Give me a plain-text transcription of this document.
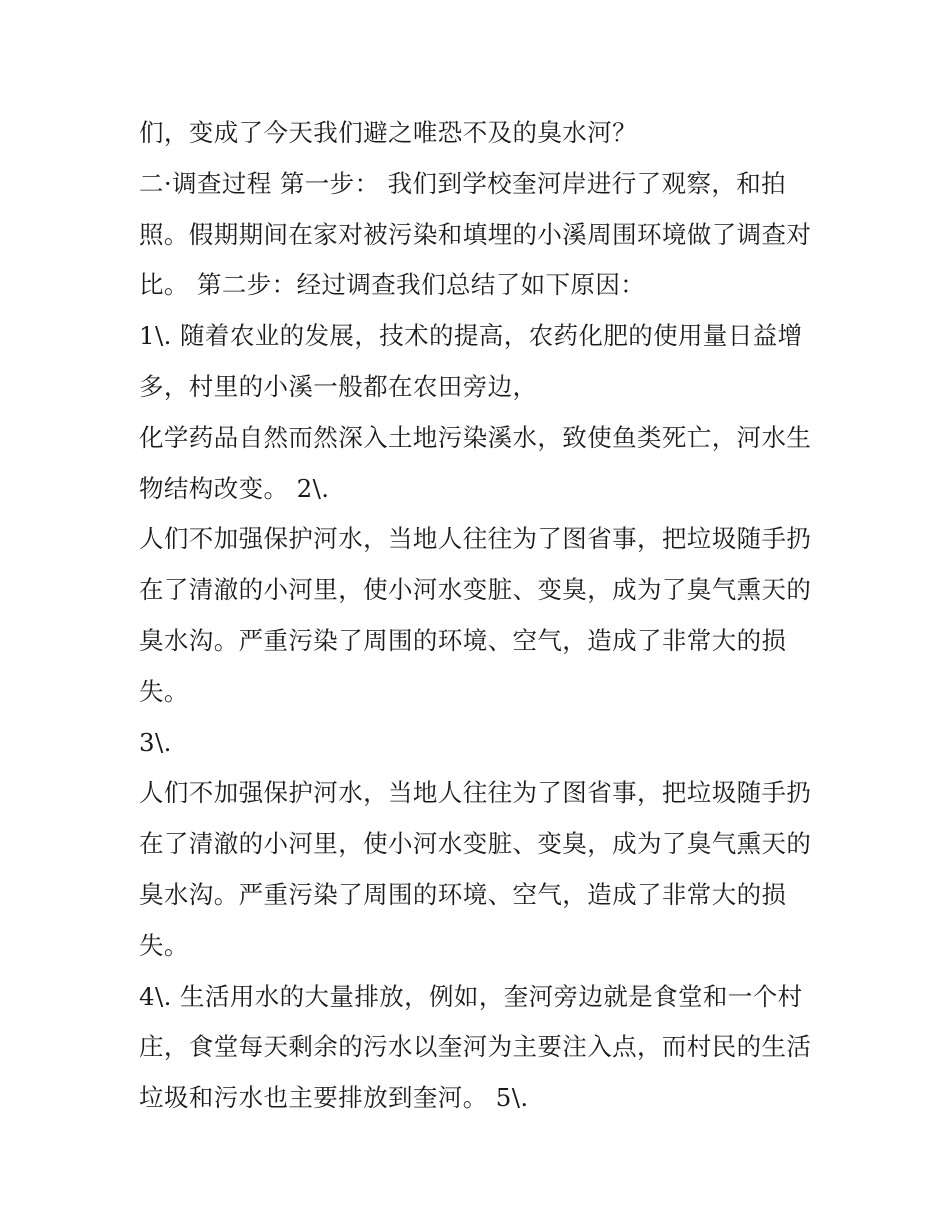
们，变成了今天我们避之唯恐不及的臭水河？
二·调查过程 第一步： 我们到学校奎河岸进行了观察，和拍
照。假期期间在家对被污染和填埋的小溪周围环境做了调查对
比。 第二步：经过调查我们总结了如下原因：
1\. 随着农业的发展，技术的提高，农药化肥的使用量日益增
多，村里的小溪一般都在农田旁边，
化学药品自然而然深入土地污染溪水，致使鱼类死亡，河水生
物结构改变。 2\.
人们不加强保护河水，当地人往往为了图省事，把垃圾随手扔
在了清澈的小河里，使小河水变脏、变臭，成为了臭气熏天的
臭水沟。严重污染了周围的环境、空气，造成了非常大的损
失。
3\.
人们不加强保护河水，当地人往往为了图省事，把垃圾随手扔
在了清澈的小河里，使小河水变脏、变臭，成为了臭气熏天的
臭水沟。严重污染了周围的环境、空气，造成了非常大的损
失。
4\. 生活用水的大量排放，例如，奎河旁边就是食堂和一个村
庄，食堂每天剩余的污水以奎河为主要注入点，而村民的生活
垃圾和污水也主要排放到奎河。 5\.
